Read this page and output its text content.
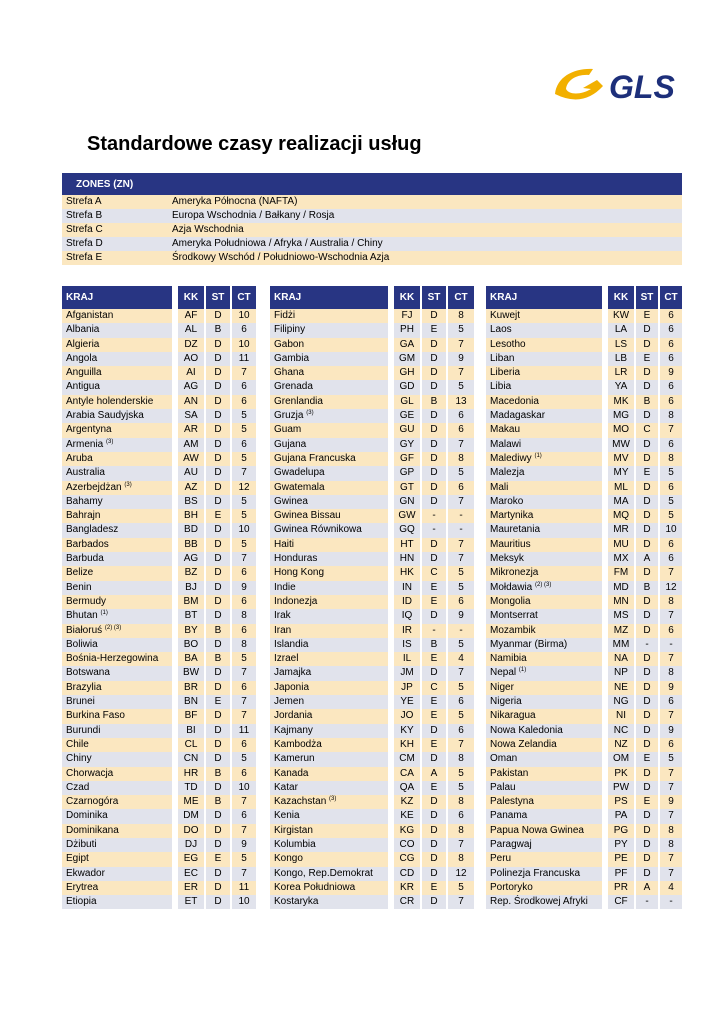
GLS
Standardowe czasy realizacji usług
ZONES (ZN)	
Strefa A	Ameryka Północna (NAFTA)
Strefa B	Europa Wschodnia / Bałkany / Rosja
Strefa C	Azja Wschodnia
Strefa D	Ameryka Południowa / Afryka / Australia / Chiny
Strefa E	Środkowy Wschód / Południowo-Wschodnia Azja
KRAJ	KK	ST	CT
Afganistan	AF	D	10
Albania	AL	B	6
Algieria	DZ	D	10
Angola	AO	D	11
Anguilla	AI	D	7
Antigua	AG	D	6
Antyle holenderskie	AN	D	6
Arabia Saudyjska	SA	D	5
Argentyna	AR	D	5
Armenia $^{(3)}$	AM	D	6
Aruba	AW	D	5
Australia	AU	D	7
Azerbejdżan $^{(3)}$	AZ	D	12
Bahamy	BS	D	5
Bahrajn	BH	E	5
Bangladesz	BD	D	10
Barbados	BB	D	5
Barbuda	AG	D	7
Belize	BZ	D	6
Benin	BJ	D	9
Bermudy	BM	D	6
Bhutan $^{(1)}$	BT	D	8
Białoruś $^{(2) (3)}$	BY	B	6
Boliwia	BO	D	8
Bośnia-Herzegowina	BA	B	5
Botswana	BW	D	7
Brazylia	BR	D	6
Brunei	BN	E	7
Burkina Faso	BF	D	7
Burundi	BI	D	11
Chile	CL	D	6
Chiny	CN	D	5
Chorwacja	HR	B	6
Czad	TD	D	10
Czarnogóra	ME	B	7
Dominika	DM	D	6
Dominikana	DO	D	7
Dżibuti	DJ	D	9
Egipt	EG	E	5
Ekwador	EC	D	7
Erytrea	ER	D	11
Etiopia	ET	D	10
KRAJ	KK	ST	CT
Fidżi	FJ	D	8
Filipiny	PH	E	5
Gabon	GA	D	7
Gambia	GM	D	9
Ghana	GH	D	7
Grenada	GD	D	5
Grenlandia	GL	B	13
Gruzja $^{(3)}$	GE	D	6
Guam	GU	D	6
Gujana	GY	D	7
Gujana Francuska	GF	D	8
Gwadelupa	GP	D	5
Gwatemala	GT	D	6
Gwinea	GN	D	7
Gwinea Bissau	GW	-	-
Gwinea Równikowa	GQ	-	-
Haiti	HT	D	7
Honduras	HN	D	7
Hong Kong	HK	C	5
Indie	IN	E	5
Indonezja	ID	E	6
Irak	IQ	D	9
Iran	IR	-	-
Islandia	IS	B	5
Izrael	IL	E	4
Jamajka	JM	D	7
Japonia	JP	C	5
Jemen	YE	E	6
Jordania	JO	E	5
Kajmany	KY	D	6
Kambodża	KH	E	7
Kamerun	CM	D	8
Kanada	CA	A	5
Katar	QA	E	5
Kazachstan $^{(3)}$	KZ	D	8
Kenia	KE	D	6
Kirgistan	KG	D	8
Kolumbia	CO	D	7
Kongo	CG	D	8
Kongo, Rep.Demokrat	CD	D	12
Korea Południowa	KR	E	5
Kostaryka	CR	D	7
KRAJ	KK	ST	CT
Kuwejt	KW	E	6
Laos	LA	D	6
Lesotho	LS	D	6
Liban	LB	E	6
Liberia	LR	D	9
Libia	YA	D	6
Macedonia	MK	B	6
Madagaskar	MG	D	8
Makau	MO	C	7
Malawi	MW	D	6
Malediwy $^{(1)}$	MV	D	8
Malezja	MY	E	5
Mali	ML	D	6
Maroko	MA	D	5
Martynika	MQ	D	5
Mauretania	MR	D	10
Mauritius	MU	D	6
Meksyk	MX	A	6
Mikronezja	FM	D	7
Mołdawia $^{(2) (3)}$	MD	B	12
Mongolia	MN	D	8
Montserrat	MS	D	7
Mozambik	MZ	D	6
Myanmar (Birma)	MM	-	-
Namibia	NA	D	7
Nepal $^{(1)}$	NP	D	8
Niger	NE	D	9
Nigeria	NG	D	6
Nikaragua	NI	D	7
Nowa Kaledonia	NC	D	9
Nowa Zelandia	NZ	D	6
Oman	OM	E	5
Pakistan	PK	D	7
Palau	PW	D	7
Palestyna	PS	E	9
Panama	PA	D	7
Papua Nowa Gwinea	PG	D	8
Paragwaj	PY	D	8
Peru	PE	D	7
Polinezja Francuska	PF	D	7
Portoryko	PR	A	4
Rep. Środkowej Afryki	CF	-	-
